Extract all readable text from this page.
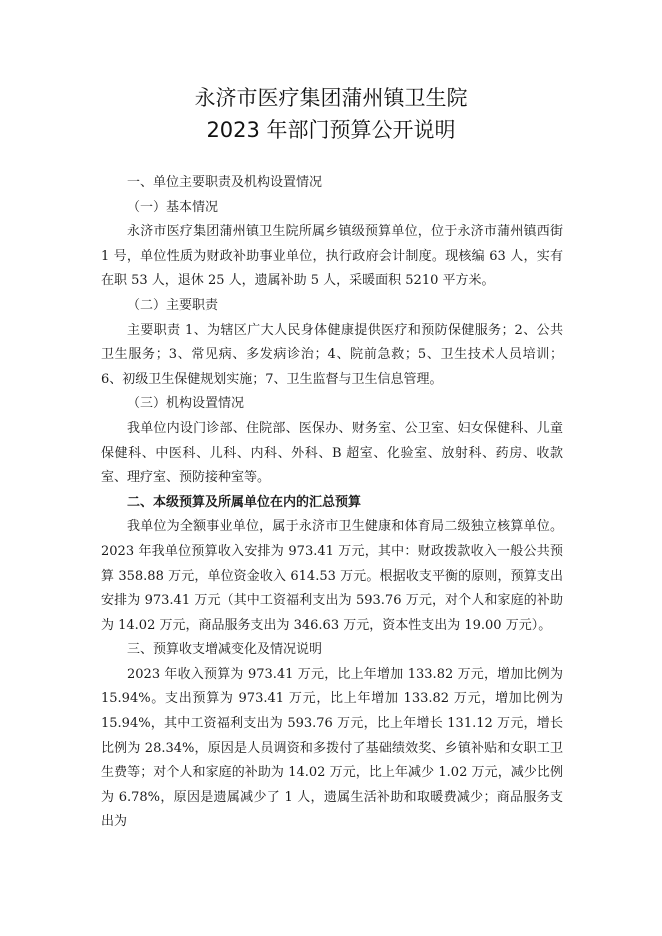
永济市医疗集团蒲州镇卫生院
2023 年部门预算公开说明

一、单位主要职责及机构设置情况

（一）基本情况

永济市医疗集团蒲州镇卫生院所属乡镇级预算单位，位于永济市蒲州镇西街 1 号，单位性质为财政补助事业单位，执行政府会计制度。现核编 63 人，实有在职 53 人，退休 25 人，遗属补助 5 人，采暖面积 5210 平方米。

（二）主要职责

主要职责 1、为辖区广大人民身体健康提供医疗和预防保健服务；2、公共卫生服务；3、常见病、多发病诊治；4、院前急救；5、卫生技术人员培训；6、初级卫生保健规划实施；7、卫生监督与卫生信息管理。

（三）机构设置情况

我单位内设门诊部、住院部、医保办、财务室、公卫室、妇女保健科、儿童保健科、中医科、儿科、内科、外科、B 超室、化验室、放射科、药房、收款室、理疗室、预防接种室等。

二、本级预算及所属单位在内的汇总预算

我单位为全额事业单位，属于永济市卫生健康和体育局二级独立核算单位。2023 年我单位预算收入安排为 973.41 万元，其中：财政拨款收入一般公共预算 358.88 万元，单位资金收入 614.53 万元。根据收支平衡的原则，预算支出安排为 973.41 万元（其中工资福利支出为 593.76 万元，对个人和家庭的补助为 14.02 万元，商品服务支出为 346.63 万元，资本性支出为 19.00 万元）。

三、预算收支增减变化及情况说明

2023 年收入预算为 973.41 万元，比上年增加 133.82 万元，增加比例为 15.94%。支出预算为 973.41 万元，比上年增加 133.82 万元，增加比例为 15.94%，其中工资福利支出为 593.76 万元，比上年增长 131.12 万元，增长比例为 28.34%，原因是人员调资和多拨付了基础绩效奖、乡镇补贴和女职工卫生费等；对个人和家庭的补助为 14.02 万元，比上年减少 1.02 万元，减少比例为 6.78%，原因是遗属减少了 1 人，遗属生活补助和取暖费减少；商品服务支出为
